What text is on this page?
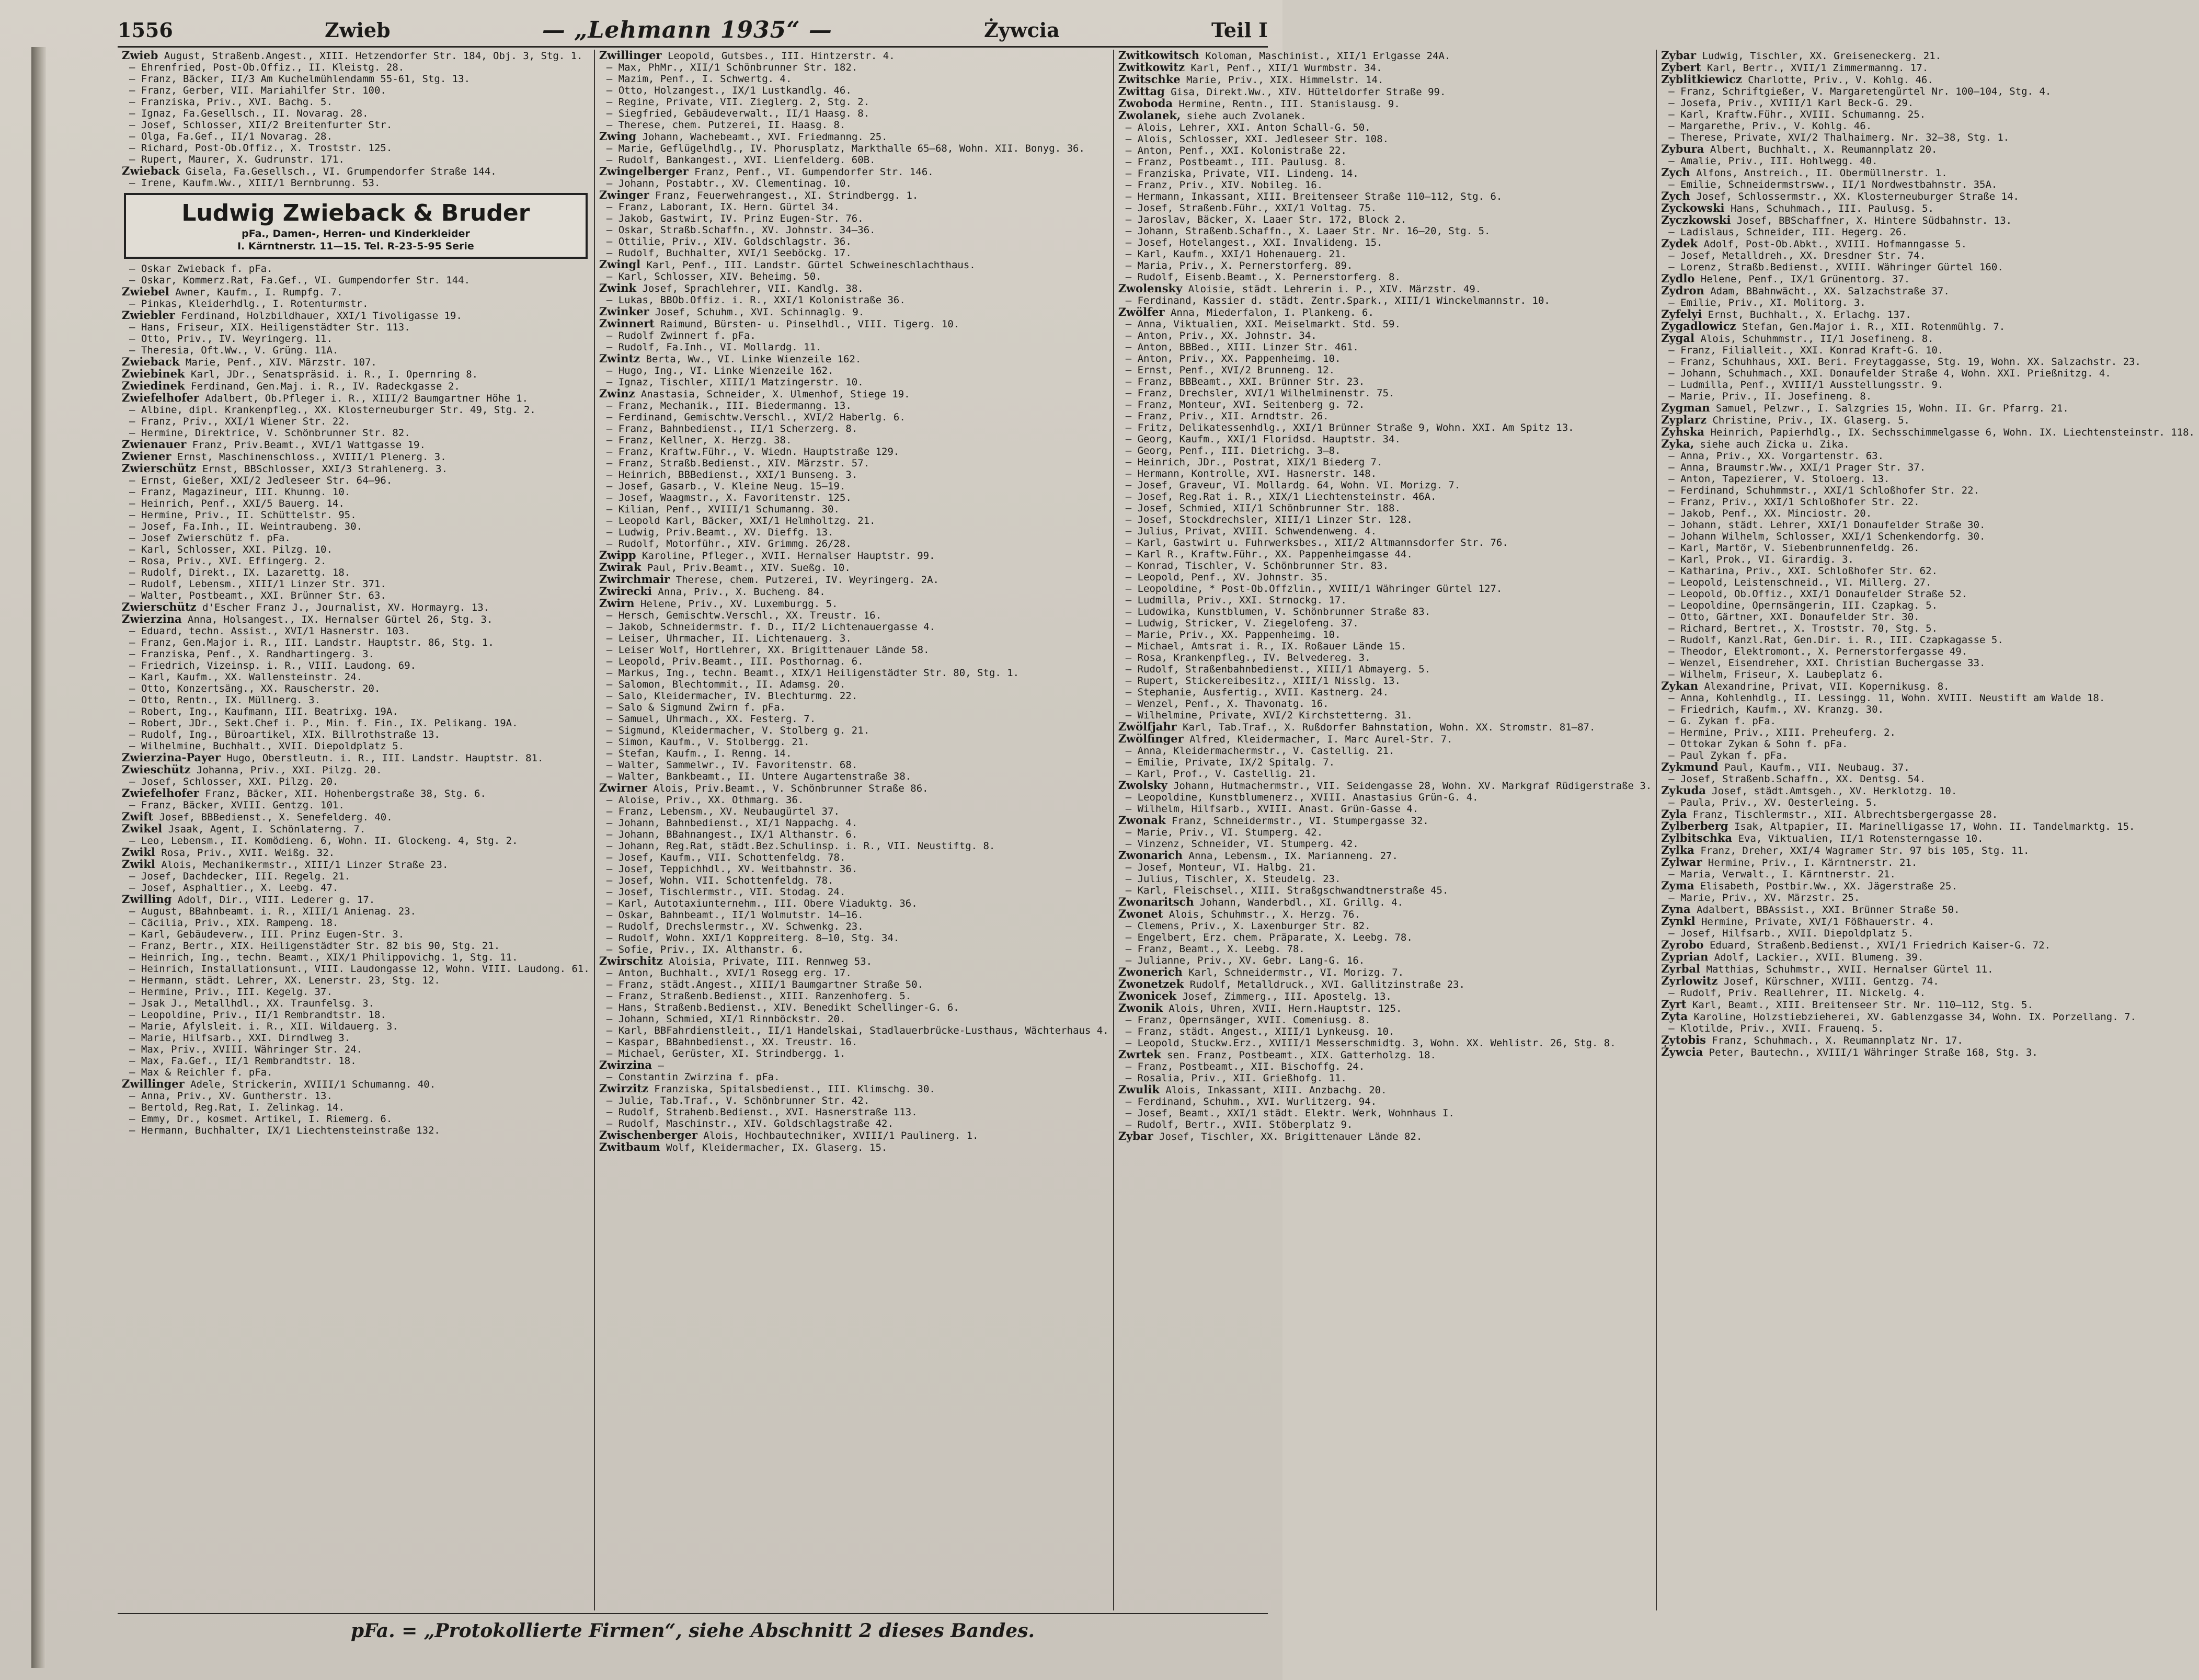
1556	Zwieb	— „Lehmann 1935“ —	Żywcia	Teil I
Zwieb August, Straßenb.Angest., XIII. Hetzendorfer Str. 184, Obj. 3, Stg. 1.
— Ehrenfried, Post-Ob.Offiz., II. Kleistg. 28.
— Franz, Bäcker, II/3 Am Kuchelmühlendamm 55-61, Stg. 13.
— Franz, Gerber, VII. Mariahilfer Str. 100.
— Franziska, Priv., XVI. Bachg. 5.
— Ignaz, Fa.Gesellsch., II. Novarag. 28.
— Josef, Schlosser, XII/2 Breitenfurter Str.
— Olga, Fa.Gef., II/1 Novarag. 28.
— Richard, Post-Ob.Offiz., X. Troststr. 125.
— Rupert, Maurer, X. Gudrunstr. 171.
Zwieback Gisela, Fa.Gesellsch., VI. Grumpendorfer Straße 144.
— Irene, Kaufm.Ww., XIII/1 Bernbrunng. 53.
Ludwig Zwieback & Bruder
pFa., Damen-, Herren- und Kinderkleider
I. Kärntnerstr. 11—15. Tel. R-23-5-95 Serie
— Oskar Zwieback f. pFa.
— Oskar, Kommerz.Rat, Fa.Gef., VI. Gumpendorfer Str. 144.
Zwiebel Awner, Kaufm., I. Rumpfg. 7.
— Pinkas, Kleiderhdlg., I. Rotenturmstr.
Zwiebler Ferdinand, Holzbildhauer, XXI/1 Tivoligasse 19.
— Hans, Friseur, XIX. Heiligenstädter Str. 113.
— Otto, Priv., IV. Weyringerg. 11.
— Theresia, Oft.Ww., V. Grüng. 11A.
Zwieback Marie, Penf., XIV. Märzstr. 107.
Zwiebinek Karl, JDr., Senatspräsid. i. R., I. Opernring 8.
Zwiedinek Ferdinand, Gen.Maj. i. R., IV. Radeckgasse 2.
Zwiefelhofer Adalbert, Ob.Pfleger i. R., XIII/2 Baumgartner Höhe 1.
— Albine, dipl. Krankenpfleg., XX. Klosterneuburger Str. 49, Stg. 2.
— Franz, Priv., XXI/1 Wiener Str. 22.
— Hermine, Direktrice, V. Schönbrunner Str. 82.
Zwienauer Franz, Priv.Beamt., XVI/1 Wattgasse 19.
Zwiener Ernst, Maschinenschloss., XVIII/1 Plenerg. 3.
Zwierschütz Ernst, BBSchlosser, XXI/3 Strahlenerg. 3.
— Ernst, Gießer, XXI/2 Jedleseer Str. 64—96.
— Franz, Magazineur, III. Khunng. 10.
— Heinrich, Penf., XXI/5 Bauerg. 14.
— Hermine, Priv., II. Schüttelstr. 95.
— Josef, Fa.Inh., II. Weintraubeng. 30.
— Josef Zwierschütz f. pFa.
— Karl, Schlosser, XXI. Pilzg. 10.
— Rosa, Priv., XVI. Effingerg. 2.
— Rudolf, Direkt., IX. Lazarettg. 18.
— Rudolf, Lebensm., XIII/1 Linzer Str. 371.
— Walter, Postbeamt., XXI. Brünner Str. 63.
Zwierschütz d'Escher Franz J., Journalist, XV. Hormayrg. 13.
Zwierzina Anna, Holsangest., IX. Hernalser Gürtel 26, Stg. 3.
— Eduard, techn. Assist., XVI/1 Hasnerstr. 103.
— Franz, Gen.Major i. R., III. Landstr. Hauptstr. 86, Stg. 1.
— Franziska, Penf., X. Randhartingerg. 3.
— Friedrich, Vizeinsp. i. R., VIII. Laudong. 69.
— Karl, Kaufm., XX. Wallensteinstr. 24.
— Otto, Konzertsäng., XX. Rauscherstr. 20.
— Otto, Rentn., IX. Müllnerg. 3.
— Robert, Ing., Kaufmann, III. Beatrixg. 19A.
— Robert, JDr., Sekt.Chef i. P., Min. f. Fin., IX. Pelikang. 19A.
— Rudolf, Ing., Büroartikel, XIX. Billrothstraße 13.
— Wilhelmine, Buchhalt., XVII. Diepoldplatz 5.
Zwierzina-Payer Hugo, Oberstleutn. i. R., III. Landstr. Hauptstr. 81.
Zwieschütz Johanna, Priv., XXI. Pilzg. 20.
— Josef, Schlosser, XXI. Pilzg. 20.
Zwiefelhofer Franz, Bäcker, XII. Hohenbergstraße 38, Stg. 6.
— Franz, Bäcker, XVIII. Gentzg. 101.
Zwift Josef, BBBedienst., X. Senefelderg. 40.
Zwikel Jsaak, Agent, I. Schönlaterng. 7.
— Leo, Lebensm., II. Komödieng. 6, Wohn. II. Glockeng. 4, Stg. 2.
Zwikl Rosa, Priv., XVII. Weißg. 32.
Zwikl Alois, Mechanikermstr., XIII/1 Linzer Straße 23.
— Josef, Dachdecker, III. Regelg. 21.
— Josef, Asphaltier., X. Leebg. 47.
Zwilling Adolf, Dir., VIII. Lederer g. 17.
— August, BBahnbeamt. i. R., XIII/1 Anienag. 23.
— Cäcilia, Priv., XIX. Rampeng. 18.
— Karl, Gebäudeverw., III. Prinz Eugen-Str. 3.
— Franz, Bertr., XIX. Heiligenstädter Str. 82 bis 90, Stg. 21.
— Heinrich, Ing., techn. Beamt., XIX/1 Philippovichg. 1, Stg. 11.
— Heinrich, Installationsunt., VIII. Laudongasse 12, Wohn. VIII. Laudong. 61.
— Hermann, städt. Lehrer, XX. Lenerstr. 23, Stg. 12.
— Hermine, Priv., III. Kegelg. 37.
— Jsak J., Metallhdl., XX. Traunfelsg. 3.
— Leopoldine, Priv., II/1 Rembrandtstr. 18.
— Marie, Afylsleit. i. R., XII. Wildauerg. 3.
— Marie, Hilfsarb., XXI. Dirndlweg 3.
— Max, Priv., XVIII. Währinger Str. 24.
— Max, Fa.Gef., II/1 Rembrandtstr. 18.
— Max & Reichler f. pFa.
Zwillinger Adele, Strickerin, XVIII/1 Schumanng. 40.
— Anna, Priv., XV. Guntherstr. 13.
— Bertold, Reg.Rat, I. Zelinkag. 14.
— Emmy, Dr., kosmet. Artikel, I. Riemerg. 6.
— Hermann, Buchhalter, IX/1 Liechtensteinstraße 132.
Zwillinger Leopold, Gutsbes., III. Hintzerstr. 4.
— Max, PhMr., XII/1 Schönbrunner Str. 182.
— Mazim, Penf., I. Schwertg. 4.
— Otto, Holzangest., IX/1 Lustkandlg. 46.
— Regine, Private, VII. Zieglerg. 2, Stg. 2.
— Siegfried, Gebäudeverwalt., II/1 Haasg. 8.
— Therese, chem. Putzerei, II. Haasg. 8.
Zwing Johann, Wachebeamt., XVI. Friedmanng. 25.
— Marie, Geflügelhdlg., IV. Phorusplatz, Markthalle 65—68, Wohn. XII. Bonyg. 36.
— Rudolf, Bankangest., XVI. Lienfelderg. 60B.
Zwingelberger Franz, Penf., VI. Gumpendorfer Str. 146.
— Johann, Postabtr., XV. Clementinag. 10.
Zwinger Franz, Feuerwehrangest., XI. Strindbergg. 1.
— Franz, Laborant, IX. Hern. Gürtel 34.
— Jakob, Gastwirt, IV. Prinz Eugen-Str. 76.
— Oskar, Straßb.Schaffn., XV. Johnstr. 34—36.
— Ottilie, Priv., XIV. Goldschlagstr. 36.
— Rudolf, Buchhalter, XVI/1 Seeböckg. 17.
Zwingl Karl, Penf., III. Landstr. Gürtel Schweineschlachthaus.
— Karl, Schlosser, XIV. Beheimg. 50.
Zwink Josef, Sprachlehrer, VII. Kandlg. 38.
— Lukas, BBOb.Offiz. i. R., XXI/1 Kolonistraße 36.
Zwinker Josef, Schuhm., XVI. Schinnaglg. 9.
Zwinnert Raimund, Bürsten- u. Pinselhdl., VIII. Tigerg. 10.
— Rudolf Zwinnert f. pFa.
— Rudolf, Fa.Inh., VI. Mollardg. 11.
Zwintz Berta, Ww., VI. Linke Wienzeile 162.
— Hugo, Ing., VI. Linke Wienzeile 162.
— Ignaz, Tischler, XIII/1 Matzingerstr. 10.
Zwinz Anastasia, Schneider, X. Ulmenhof, Stiege 19.
— Franz, Mechanik., III. Biedermanng. 13.
— Ferdinand, Gemischtw.Verschl., XVI/2 Haberlg. 6.
— Franz, Bahnbedienst., II/1 Scherzerg. 8.
— Franz, Kellner, X. Herzg. 38.
— Franz, Kraftw.Führ., V. Wiedn. Hauptstraße 129.
— Franz, Straßb.Bedienst., XIV. Märzstr. 57.
— Heinrich, BBBedienst., XXI/1 Bunseng. 3.
— Josef, Gasarb., V. Kleine Neug. 15—19.
— Josef, Waagmstr., X. Favoritenstr. 125.
— Kilian, Penf., XVIII/1 Schumanng. 30.
— Leopold Karl, Bäcker, XXI/1 Helmholtzg. 21.
— Ludwig, Priv.Beamt., XV. Dieffg. 13.
— Rudolf, Motorführ., XIV. Grimmg. 26/28.
Zwipp Karoline, Pfleger., XVII. Hernalser Hauptstr. 99.
Zwirak Paul, Priv.Beamt., XIV. Sueßg. 10.
Zwirchmair Therese, chem. Putzerei, IV. Weyringerg. 2A.
Zwirecki Anna, Priv., X. Bucheng. 84.
Zwirn Helene, Priv., XV. Luxemburgg. 5.
— Hersch, Gemischtw.Verschl., XX. Treustr. 16.
— Jakob, Schneidermstr. f. D., II/2 Lichtenauergasse 4.
— Leiser, Uhrmacher, II. Lichtenauerg. 3.
— Leiser Wolf, Hortlehrer, XX. Brigittenauer Lände 58.
— Leopold, Priv.Beamt., III. Posthornag. 6.
— Markus, Ing., techn. Beamt., XIX/1 Heiligenstädter Str. 80, Stg. 1.
— Salomon, Blechtommit., II. Adamsg. 20.
— Salo, Kleidermacher, IV. Blechturmg. 22.
— Salo & Sigmund Zwirn f. pFa.
— Samuel, Uhrmach., XX. Festerg. 7.
— Sigmund, Kleidermacher, V. Stolberg g. 21.
— Simon, Kaufm., V. Stolbergg. 21.
— Stefan, Kaufm., I. Renng. 14.
— Walter, Sammelwr., IV. Favoritenstr. 68.
— Walter, Bankbeamt., II. Untere Augartenstraße 38.
Zwirner Alois, Priv.Beamt., V. Schönbrunner Straße 86.
— Aloise, Priv., XX. Othmarg. 36.
— Franz, Lebensm., XV. Neubaugürtel 37.
— Johann, Bahnbedienst., XI/1 Nappachg. 4.
— Johann, BBahnangest., IX/1 Althanstr. 6.
— Johann, Reg.Rat, städt.Bez.Schulinsp. i. R., VII. Neustiftg. 8.
— Josef, Kaufm., VII. Schottenfeldg. 78.
— Josef, Teppichhdl., XV. Weitbahnstr. 36.
— Josef, Wohn. VII. Schottenfeldg. 78.
— Josef, Tischlermstr., VII. Stodag. 24.
— Karl, Autotaxiunternehm., III. Obere Viaduktg. 36.
— Oskar, Bahnbeamt., II/1 Wolmutstr. 14—16.
— Rudolf, Drechslermstr., XV. Schwenkg. 23.
— Rudolf, Wohn. XXI/1 Koppreiterg. 8—10, Stg. 34.
— Sofie, Priv., IX. Althanstr. 6.
Zwirschitz Aloisia, Private, III. Rennweg 53.
— Anton, Buchhalt., XVI/1 Rosegg erg. 17.
— Franz, städt.Angest., XIII/1 Baumgartner Straße 50.
— Franz, Straßenb.Bedienst., XIII. Ranzenhoferg. 5.
— Hans, Straßenb.Bedienst., XIV. Benedikt Schellinger-G. 6.
— Johann, Schmied, XI/1 Rinnböckstr. 20.
— Karl, BBFahrdienstleit., II/1 Handelskai, Stadlauerbrücke-Lusthaus, Wächterhaus 4.
— Kaspar, BBahnbedienst., XX. Treustr. 16.
— Michael, Gerüster, XI. Strindbergg. 1.
Zwirzina —
— Constantin Zwirzina f. pFa.
Zwirzitz Franziska, Spitalsbedienst., III. Klimschg. 30.
— Julie, Tab.Traf., V. Schönbrunner Str. 42.
— Rudolf, Strahenb.Bedienst., XVI. Hasnerstraße 113.
— Rudolf, Maschinstr., XIV. Goldschlagstraße 42.
Zwischenberger Alois, Hochbautechniker, XVIII/1 Paulinerg. 1.
Zwitbaum Wolf, Kleidermacher, IX. Glaserg. 15.
Zwitkowitsch Koloman, Maschinist., XII/1 Erlgasse 24A.
Zwitkowitz Karl, Penf., XII/1 Wurmbstr. 34.
Zwitschke Marie, Priv., XIX. Himmelstr. 14.
Zwittag Gisa, Direkt.Ww., XIV. Hütteldorfer Straße 99.
Zwoboda Hermine, Rentn., III. Stanislausg. 9.
Zwolanek, siehe auch Zvolanek.
— Alois, Lehrer, XXI. Anton Schall-G. 50.
— Alois, Schlosser, XXI. Jedleseer Str. 108.
— Anton, Penf., XXI. Kolonistraße 22.
— Franz, Postbeamt., III. Paulusg. 8.
— Franziska, Private, VII. Lindeng. 14.
— Franz, Priv., XIV. Nobileg. 16.
— Hermann, Inkassant, XIII. Breitenseer Straße 110—112, Stg. 6.
— Josef, Straßenb.Führ., XXI/1 Voltag. 75.
— Jaroslav, Bäcker, X. Laaer Str. 172, Block 2.
— Johann, Straßenb.Schaffn., X. Laaer Str. Nr. 16—20, Stg. 5.
— Josef, Hotelangest., XXI. Invalideng. 15.
— Karl, Kaufm., XXI/1 Hohenauerg. 21.
— Maria, Priv., X. Pernerstorferg. 89.
— Rudolf, Eisenb.Beamt., X. Pernerstorferg. 8.
Zwolensky Aloisie, städt. Lehrerin i. P., XIV. Märzstr. 49.
— Ferdinand, Kassier d. städt. Zentr.Spark., XIII/1 Winckelmannstr. 10.
Zwölfer Anna, Miederfalon, I. Plankeng. 6.
— Anna, Viktualien, XXI. Meiselmarkt. Std. 59.
— Anton, Priv., XX. Johnstr. 34.
— Anton, BBBed., XIII. Linzer Str. 461.
— Anton, Priv., XX. Pappenheimg. 10.
— Ernst, Penf., XVI/2 Brunneng. 12.
— Franz, BBBeamt., XXI. Brünner Str. 23.
— Franz, Drechsler, XVI/1 Wilhelminenstr. 75.
— Franz, Monteur, XVI. Seitenberg g. 72.
— Franz, Priv., XII. Arndtstr. 26.
— Fritz, Delikatessenhdlg., XXI/1 Brünner Straße 9, Wohn. XXI. Am Spitz 13.
— Georg, Kaufm., XXI/1 Floridsd. Hauptstr. 34.
— Georg, Penf., III. Dietrichg. 3—8.
— Heinrich, JDr., Postrat, XIX/1 Biederg 7.
— Hermann, Kontrolle, XVI. Hasnerstr. 148.
— Josef, Graveur, VI. Mollardg. 64, Wohn. VI. Morizg. 7.
— Josef, Reg.Rat i. R., XIX/1 Liechtensteinstr. 46A.
— Josef, Schmied, XII/1 Schönbrunner Str. 188.
— Josef, Stockdrechsler, XIII/1 Linzer Str. 128.
— Julius, Privat, XVIII. Schwendenweng. 4.
— Karl, Gastwirt u. Fuhrwerksbes., XII/2 Altmannsdorfer Str. 76.
— Karl R., Kraftw.Führ., XX. Pappenheimgasse 44.
— Konrad, Tischler, V. Schönbrunner Str. 83.
— Leopold, Penf., XV. Johnstr. 35.
— Leopoldine, * Post-Ob.Offzlin., XVIII/1 Währinger Gürtel 127.
— Ludmilla, Priv., XXI. Strnockg. 17.
— Ludowika, Kunstblumen, V. Schönbrunner Straße 83.
— Ludwig, Stricker, V. Ziegelofeng. 37.
— Marie, Priv., XX. Pappenheimg. 10.
— Michael, Amtsrat i. R., IX. Roßauer Lände 15.
— Rosa, Krankenpfleg., IV. Belvedereg. 3.
— Rudolf, Straßenbahnbedienst., XIII/1 Abmayerg. 5.
— Rupert, Stickereibesitz., XIII/1 Nisslg. 13.
— Stephanie, Ausfertig., XVII. Kastnerg. 24.
— Wenzel, Penf., X. Thavonatg. 16.
— Wilhelmine, Private, XVI/2 Kirchstetterng. 31.
Zwölfjahr Karl, Tab.Traf., X. Rußdorfer Bahnstation, Wohn. XX. Stromstr. 81—87.
Zwölfinger Alfred, Kleidermacher, I. Marc Aurel-Str. 7.
— Anna, Kleidermachermstr., V. Castellig. 21.
— Emilie, Private, IX/2 Spitalg. 7.
— Karl, Prof., V. Castellig. 21.
Zwolsky Johann, Hutmachermstr., VII. Seidengasse 28, Wohn. XV. Markgraf Rüdigerstraße 3.
— Leopoldine, Kunstblumenerz., XVIII. Anastasius Grün-G. 4.
— Wilhelm, Hilfsarb., XVIII. Anast. Grün-Gasse 4.
Zwonak Franz, Schneidermstr., VI. Stumpergasse 32.
— Marie, Priv., VI. Stumperg. 42.
— Vinzenz, Schneider, VI. Stumperg. 42.
Zwonarich Anna, Lebensm., IX. Marianneng. 27.
— Josef, Monteur, VI. Halbg. 21.
— Julius, Tischler, X. Steudelg. 23.
— Karl, Fleischsel., XIII. Straßgschwandtnerstraße 45.
Zwonaritsch Johann, Wanderbdl., XI. Grillg. 4.
Zwonet Alois, Schuhmstr., X. Herzg. 76.
— Clemens, Priv., X. Laxenburger Str. 82.
— Engelbert, Erz. chem. Präparate, X. Leebg. 78.
— Franz, Beamt., X. Leebg. 78.
— Julianne, Priv., XV. Gebr. Lang-G. 16.
Zwonerich Karl, Schneidermstr., VI. Morizg. 7.
Zwonetzek Rudolf, Metalldruck., XVI. Gallitzinstraße 23.
Zwonicek Josef, Zimmerg., III. Apostelg. 13.
Zwonik Alois, Uhren, XVII. Hern.Hauptstr. 125.
— Franz, Opernsänger, XVII. Comeniusg. 8.
— Franz, städt. Angest., XIII/1 Lynkeusg. 10.
— Leopold, Stuckw.Erz., XVIII/1 Messerschmidtg. 3, Wohn. XX. Wehlistr. 26, Stg. 8.
Zwrtek sen. Franz, Postbeamt., XIX. Gatterholzg. 18.
— Franz, Postbeamt., XII. Bischoffg. 24.
— Rosalia, Priv., XII. Grießhofg. 11.
Zwulik Alois, Inkassant, XIII. Anzbachg. 20.
— Ferdinand, Schuhm., XVI. Wurlitzerg. 94.
— Josef, Beamt., XXI/1 städt. Elektr. Werk, Wohnhaus I.
— Rudolf, Bertr., XVII. Stöberplatz 9.
Zybar Josef, Tischler, XX. Brigittenauer Lände 82.
Zybar Ludwig, Tischler, XX. Greiseneckerg. 21.
Zybert Karl, Bertr., XVII/1 Zimmermanng. 17.
Zyblitkiewicz Charlotte, Priv., V. Kohlg. 46.
— Franz, Schriftgießer, V. Margaretengürtel Nr. 100—104, Stg. 4.
— Josefa, Priv., XVIII/1 Karl Beck-G. 29.
— Karl, Kraftw.Führ., XVIII. Schumanng. 25.
— Margarethe, Priv., V. Kohlg. 46.
— Therese, Private, XVI/2 Thalhaimerg. Nr. 32—38, Stg. 1.
Zyburа Albert, Buchhalt., X. Reumannplatz 20.
— Amalie, Priv., III. Hohlwegg. 40.
Zych Alfons, Anstreich., II. Obermüllnerstr. 1.
— Emilie, Schneidermstrsww., II/1 Nordwestbahnstr. 35A.
Zych Josef, Schlossermstr., XX. Klosterneuburger Straße 14.
Zyckowski Hans, Schuhmach., III. Paulusg. 5.
Zyczkowski Josef, BBSchaffner, X. Hintere Südbahnstr. 13.
— Ladislaus, Schneider, III. Hegerg. 26.
Zydek Adolf, Post-Ob.Abkt., XVIII. Hofmanngasse 5.
— Josef, Metalldreh., XX. Dresdner Str. 74.
— Lorenz, Straßb.Bedienst., XVIII. Währinger Gürtel 160.
Zydlo Helene, Penf., IX/1 Grünentorg. 37.
Zydron Adam, BBahnwächt., XX. Salzachstraße 37.
— Emilie, Priv., XI. Molitorg. 3.
Zyfelyi Ernst, Buchhalt., X. Erlachg. 137.
Zygadlowicz Stefan, Gen.Major i. R., XII. Rotenmühlg. 7.
Zygal Alois, Schuhmmstr., II/1 Josefineng. 8.
— Franz, Filialleit., XXI. Konrad Kraft-G. 10.
— Franz, Schuhhaus, XXI. Beri. Freytaggasse, Stg. 19, Wohn. XX. Salzachstr. 23.
— Johann, Schuhmach., XXI. Donaufelder Straße 4, Wohn. XXI. Prießnitzg. 4.
— Ludmilla, Penf., XVIII/1 Ausstellungsstr. 9.
— Marie, Priv., II. Josefineng. 8.
Zygman Samuel, Pelzwr., I. Salzgries 15, Wohn. II. Gr. Pfarrg. 21.
Zyplarz Christine, Priv., IX. Glaserg. 5.
Zyhska Heinrich, Papierhdlg., IX. Sechsschimmelgasse 6, Wohn. IX. Liechtensteinstr. 118.
Zyka, siehe auch Zicka u. Zika.
— Anna, Priv., XX. Vorgartenstr. 63.
— Anna, Braumstr.Ww., XXI/1 Prager Str. 37.
— Anton, Tapezierer, V. Stoloerg. 13.
— Ferdinand, Schuhmmstr., XXI/1 Schloßhofer Str. 22.
— Franz, Priv., XXI/1 Schloßhofer Str. 22.
— Jakob, Penf., XX. Minciostr. 20.
— Johann, städt. Lehrer, XXI/1 Donaufelder Straße 30.
— Johann Wilhelm, Schlosser, XXI/1 Schenkendorfg. 30.
— Karl, Martör, V. Siebenbrunnenfeldg. 26.
— Karl, Prok., VI. Girardig. 3.
— Katharina, Priv., XXI. Schloßhofer Str. 62.
— Leopold, Leistenschneid., VI. Millerg. 27.
— Leopold, Ob.Offiz., XXI/1 Donaufelder Straße 52.
— Leopoldine, Opernsängerin, III. Czapkag. 5.
— Otto, Gärtner, XXI. Donaufelder Str. 30.
— Richard, Bertret., X. Troststr. 70, Stg. 5.
— Rudolf, Kanzl.Rat, Gen.Dir. i. R., III. Czapkagasse 5.
— Theodor, Elektromont., X. Pernerstorfergasse 49.
— Wenzel, Eisendreher, XXI. Christian Buchergasse 33.
— Wilhelm, Friseur, X. Laubeplatz 6.
Zykan Alexandrine, Privat, VII. Kopernikusg. 8.
— Anna, Kohlenhdlg., II. Lessingg. 11, Wohn. XVIII. Neustift am Walde 18.
— Friedrich, Kaufm., XV. Kranzg. 30.
— G. Zykan f. pFa.
— Hermine, Priv., XIII. Preheuferg. 2.
— Ottokar Zykan & Sohn f. pFa.
— Paul Zykan f. pFa.
Zykmund Paul, Kaufm., VII. Neubaug. 37.
— Josef, Straßenb.Schaffn., XX. Dentsg. 54.
Zykuda Josef, städt.Amtsgeh., XV. Herklotzg. 10.
— Paula, Priv., XV. Oesterleing. 5.
Zyla Franz, Tischlermstr., XII. Albrechtsbergergasse 28.
Zylberberg Isak, Altpapier, II. Marinelligasse 17, Wohn. II. Tandelmarktg. 15.
Zylbitschka Eva, Viktualien, II/1 Rotensterngasse 10.
Zylka Franz, Dreher, XXI/4 Wagramer Str. 97 bis 105, Stg. 11.
Zylwar Hermine, Priv., I. Kärntnerstr. 21.
— Maria, Verwalt., I. Kärntnerstr. 21.
Zyma Elisabeth, Postbir.Ww., XX. Jägerstraße 25.
— Marie, Priv., XV. Märzstr. 25.
Zyna Adalbert, BBAssist., XXI. Brünner Straße 50.
Zynkl Hermine, Private, XVI/1 Fößhauerstr. 4.
— Josef, Hilfsarb., XVII. Diepoldplatz 5.
Zyrobo Eduard, Straßenb.Bedienst., XVI/1 Friedrich Kaiser-G. 72.
Zyprian Adolf, Lackier., XVII. Blumeng. 39.
Zyrbal Matthias, Schuhmstr., XVII. Hernalser Gürtel 11.
Zyrlowitz Josef, Kürschner, XVIII. Gentzg. 74.
— Rudolf, Priv. Reallehrer, II. Nickelg. 4.
Zyrt Karl, Beamt., XIII. Breitenseer Str. Nr. 110—112, Stg. 5.
Zyta Karoline, Holzstiebzieherei, XV. Gablenzgasse 34, Wohn. IX. Porzellang. 7.
— Klotilde, Priv., XVII. Frauenq. 5.
Zytobis Franz, Schuhmach., X. Reumannplatz Nr. 17.
Żywcia Peter, Bautechn., XVIII/1 Währinger Straße 168, Stg. 3.
pFa. = „Protokollierte Firmen“, siehe Abschnitt 2 dieses Bandes.
